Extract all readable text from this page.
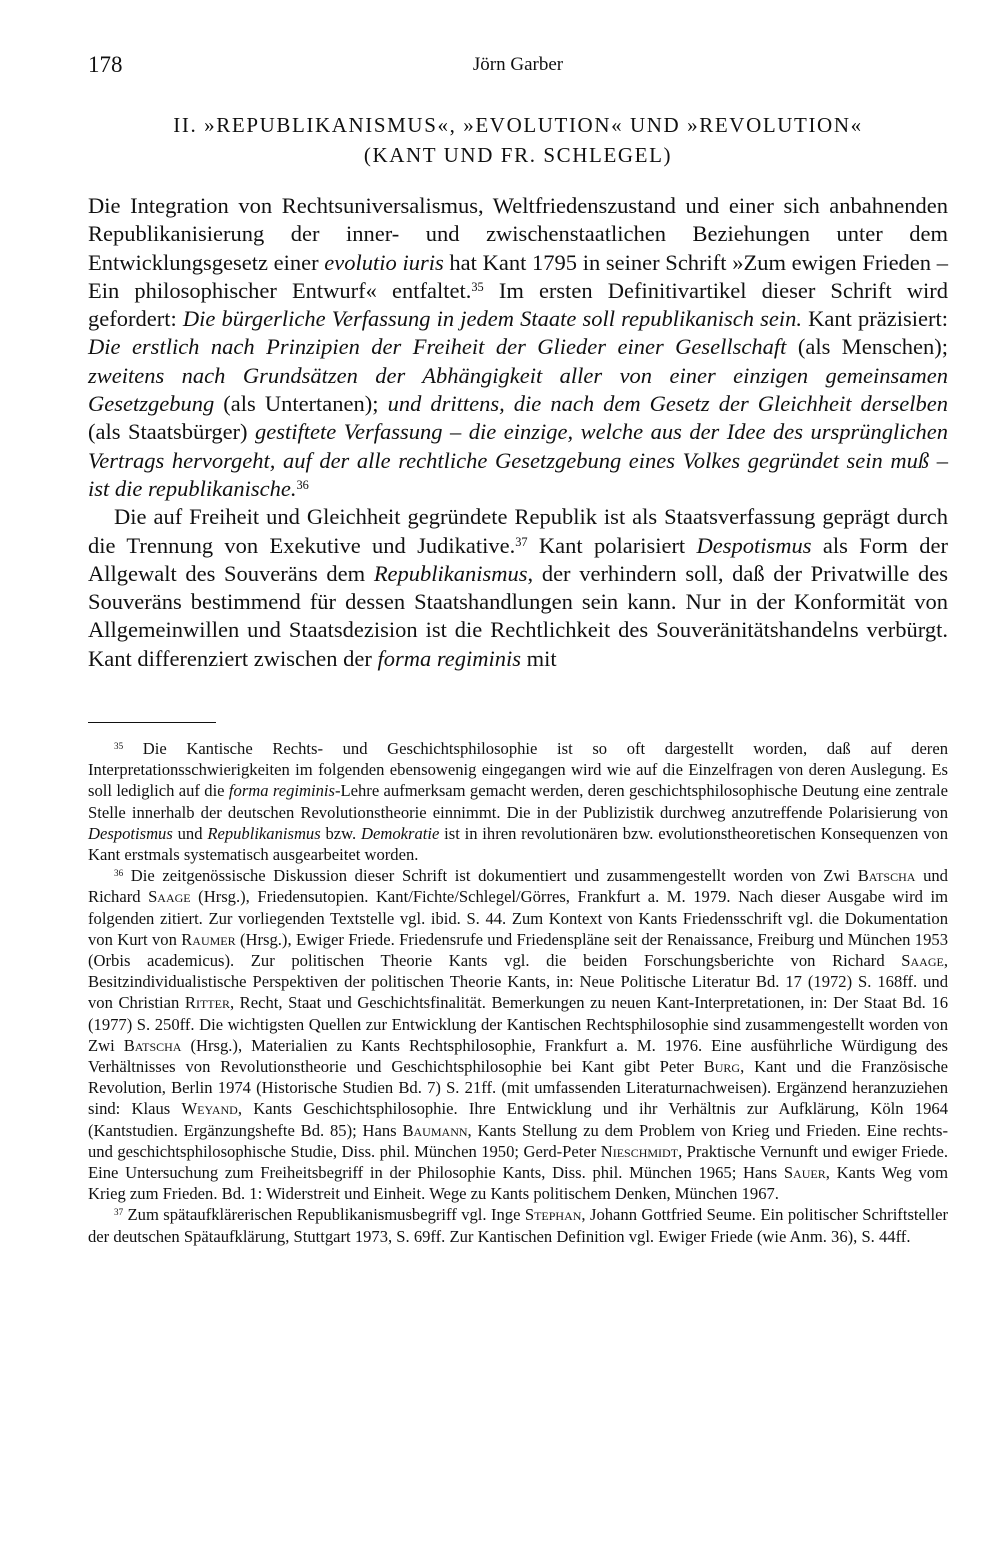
178	Jörn Garber
II. »REPUBLIKANISMUS«, »EVOLUTION« UND »REVOLUTION«
(KANT UND FR. SCHLEGEL)

Die Integration von Rechtsuniversalismus, Weltfriedenszustand und einer sich anbahnenden Republikanisierung der inner- und zwischenstaatlichen Beziehungen unter dem Entwicklungsgesetz einer evolutio iuris hat Kant 1795 in seiner Schrift »Zum ewigen Frieden – Ein philosophischer Entwurf« entfaltet.$^{35}$ Im ersten Definitivartikel dieser Schrift wird gefordert: Die bürgerliche Verfassung in jedem Staate soll republikanisch sein. Kant präzisiert: Die erstlich nach Prinzipien der Freiheit der Glieder einer Gesellschaft (als Menschen); zweitens nach Grundsätzen der Abhängigkeit aller von einer einzigen gemeinsamen Gesetzgebung (als Untertanen); und drittens, die nach dem Gesetz der Gleichheit derselben (als Staatsbürger) gestiftete Verfassung – die einzige, welche aus der Idee des ursprünglichen Vertrags hervorgeht, auf der alle rechtliche Gesetzgebung eines Volkes gegründet sein muß – ist die republikanische.$^{36}$

Die auf Freiheit und Gleichheit gegründete Republik ist als Staatsverfassung geprägt durch die Trennung von Exekutive und Judikative.$^{37}$ Kant polarisiert Despotismus als Form der Allgewalt des Souveräns dem Republikanismus, der verhindern soll, daß der Privatwille des Souveräns bestimmend für dessen Staatshandlungen sein kann. Nur in der Konformität von Allgemeinwillen und Staatsdezision ist die Rechtlichkeit des Souveränitätshandelns verbürgt. Kant differenziert zwischen der forma regiminis mit

$^{35}$ Die Kantische Rechts- und Geschichtsphilosophie ist so oft dargestellt worden, daß auf deren Interpretationsschwierigkeiten im folgenden ebensowenig eingegangen wird wie auf die Einzelfragen von deren Auslegung. Es soll lediglich auf die forma regiminis-Lehre aufmerksam gemacht werden, deren geschichtsphilosophische Deutung eine zentrale Stelle innerhalb der deutschen Revolutionstheorie einnimmt. Die in der Publizistik durchweg anzutreffende Polarisierung von Despotismus und Republikanismus bzw. Demokratie ist in ihren revolutionären bzw. evolutionstheoretischen Konsequenzen von Kant erstmals systematisch ausgearbeitet worden.

$^{36}$ Die zeitgenössische Diskussion dieser Schrift ist dokumentiert und zusammengestellt worden von Zwi Batscha und Richard Saage (Hrsg.), Friedensutopien. Kant/Fichte/Schlegel/Görres, Frankfurt a. M. 1979. Nach dieser Ausgabe wird im folgenden zitiert. Zur vorliegenden Textstelle vgl. ibid. S. 44. Zum Kontext von Kants Friedensschrift vgl. die Dokumentation von Kurt von Raumer (Hrsg.), Ewiger Friede. Friedensrufe und Friedenspläne seit der Renaissance, Freiburg und München 1953 (Orbis academicus). Zur politischen Theorie Kants vgl. die beiden Forschungsberichte von Richard Saage, Besitzindividualistische Perspektiven der politischen Theorie Kants, in: Neue Politische Literatur Bd. 17 (1972) S. 168ff. und von Christian Ritter, Recht, Staat und Geschichtsfinalität. Bemerkungen zu neuen Kant-Interpretationen, in: Der Staat Bd. 16 (1977) S. 250ff. Die wichtigsten Quellen zur Entwicklung der Kantischen Rechtsphilosophie sind zusammengestellt worden von Zwi Batscha (Hrsg.), Materialien zu Kants Rechtsphilosophie, Frankfurt a. M. 1976. Eine ausführliche Würdigung des Verhältnisses von Revolutionstheorie und Geschichtsphilosophie bei Kant gibt Peter Burg, Kant und die Französische Revolution, Berlin 1974 (Historische Studien Bd. 7) S. 21ff. (mit umfassenden Literaturnachweisen). Ergänzend heranzuziehen sind: Klaus Weyand, Kants Geschichtsphilosophie. Ihre Entwicklung und ihr Verhältnis zur Aufklärung, Köln 1964 (Kantstudien. Ergänzungshefte Bd. 85); Hans Baumann, Kants Stellung zu dem Problem von Krieg und Frieden. Eine rechts- und geschichtsphilosophische Studie, Diss. phil. München 1950; Gerd-Peter Nieschmidt, Praktische Vernunft und ewiger Friede. Eine Untersuchung zum Freiheitsbegriff in der Philosophie Kants, Diss. phil. München 1965; Hans Sauer, Kants Weg vom Krieg zum Frieden. Bd. 1: Widerstreit und Einheit. Wege zu Kants politischem Denken, München 1967.

$^{37}$ Zum spätaufklärerischen Republikanismusbegriff vgl. Inge Stephan, Johann Gottfried Seume. Ein politischer Schriftsteller der deutschen Spätaufklärung, Stuttgart 1973, S. 69ff. Zur Kantischen Definition vgl. Ewiger Friede (wie Anm. 36), S. 44ff.
